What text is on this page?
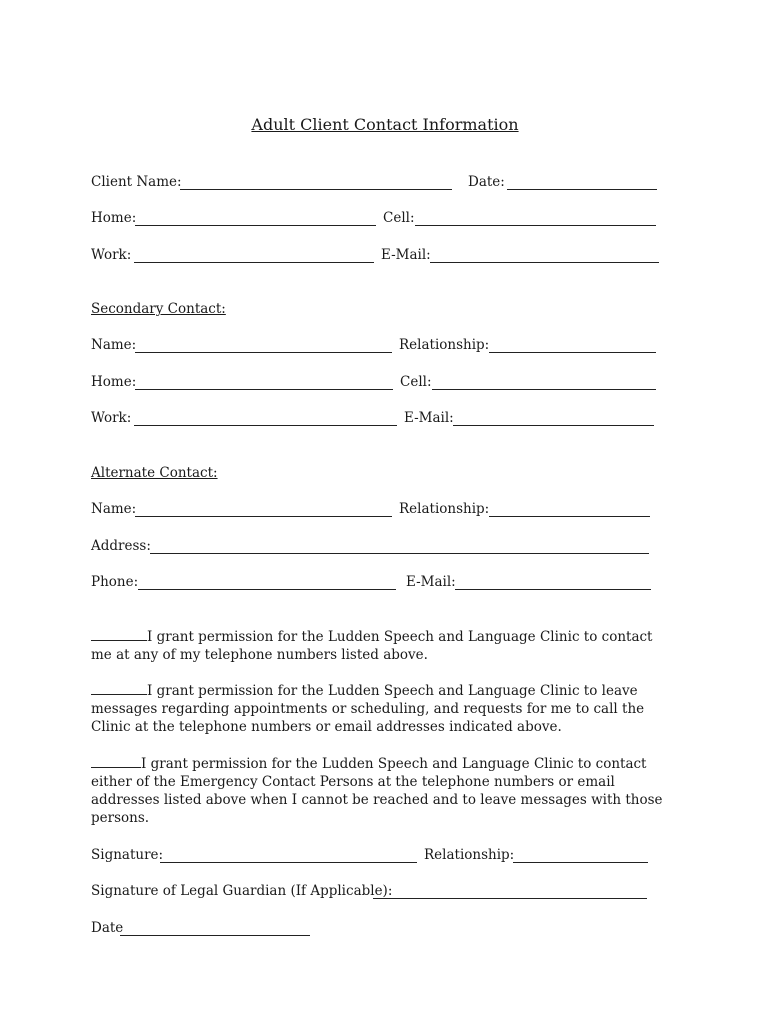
Adult Client Contact Information
Client Name:	Date:
Home:	Cell:
Work:	E-Mail:
Secondary Contact:
Name:	Relationship:
Home:	Cell:
Work:	E-Mail:
Alternate Contact:
Name:	Relationship:
Address:
Phone:	E-Mail:
I grant permission for the Ludden Speech and Language Clinic to contact me at any of my telephone numbers listed above.
I grant permission for the Ludden Speech and Language Clinic to leave messages regarding appointments or scheduling, and requests for me to call the Clinic at the telephone numbers or email addresses indicated above.
I grant permission for the Ludden Speech and Language Clinic to contact either of the Emergency Contact Persons at the telephone numbers or email addresses listed above when I cannot be reached and to leave messages with those persons.
Signature:	Relationship:
Signature of Legal Guardian (If Applicable):
Date
